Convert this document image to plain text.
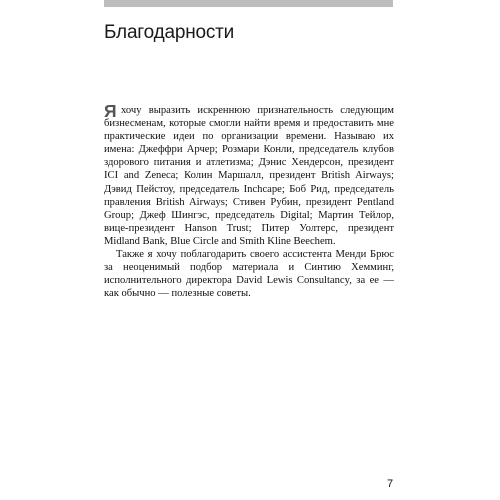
Благодарности

Я хочу выразить искреннюю признательность следующим бизнесменам, которые смогли найти время и предоставить мне практические идеи по организации времени. Называю их имена: Джеффри Арчер; Розмари Конли, председатель клубов здорового питания и атлетизма; Дэнис Хендерсон, президент ICI and Zeneca; Колин Маршалл, президент British Airways; Дэвид Пейстоу, председатель Inchcape; Боб Рид, председатель правления British Airways; Стивен Рубин, президент Pentland Group; Джеф Шингэс, председатель Digital; Мартин Тейлор, вице-президент Hanson Trust; Питер Уолтерс, президент Midland Bank, Blue Circle and Smith Kline Beechem.

Также я хочу поблагодарить своего ассистента Менди Брюс за неоценимый подбор материала и Синтию Хемминг, исполнительного директора David Lewis Consultancy, за ее — как обычно — полезные советы.

7
